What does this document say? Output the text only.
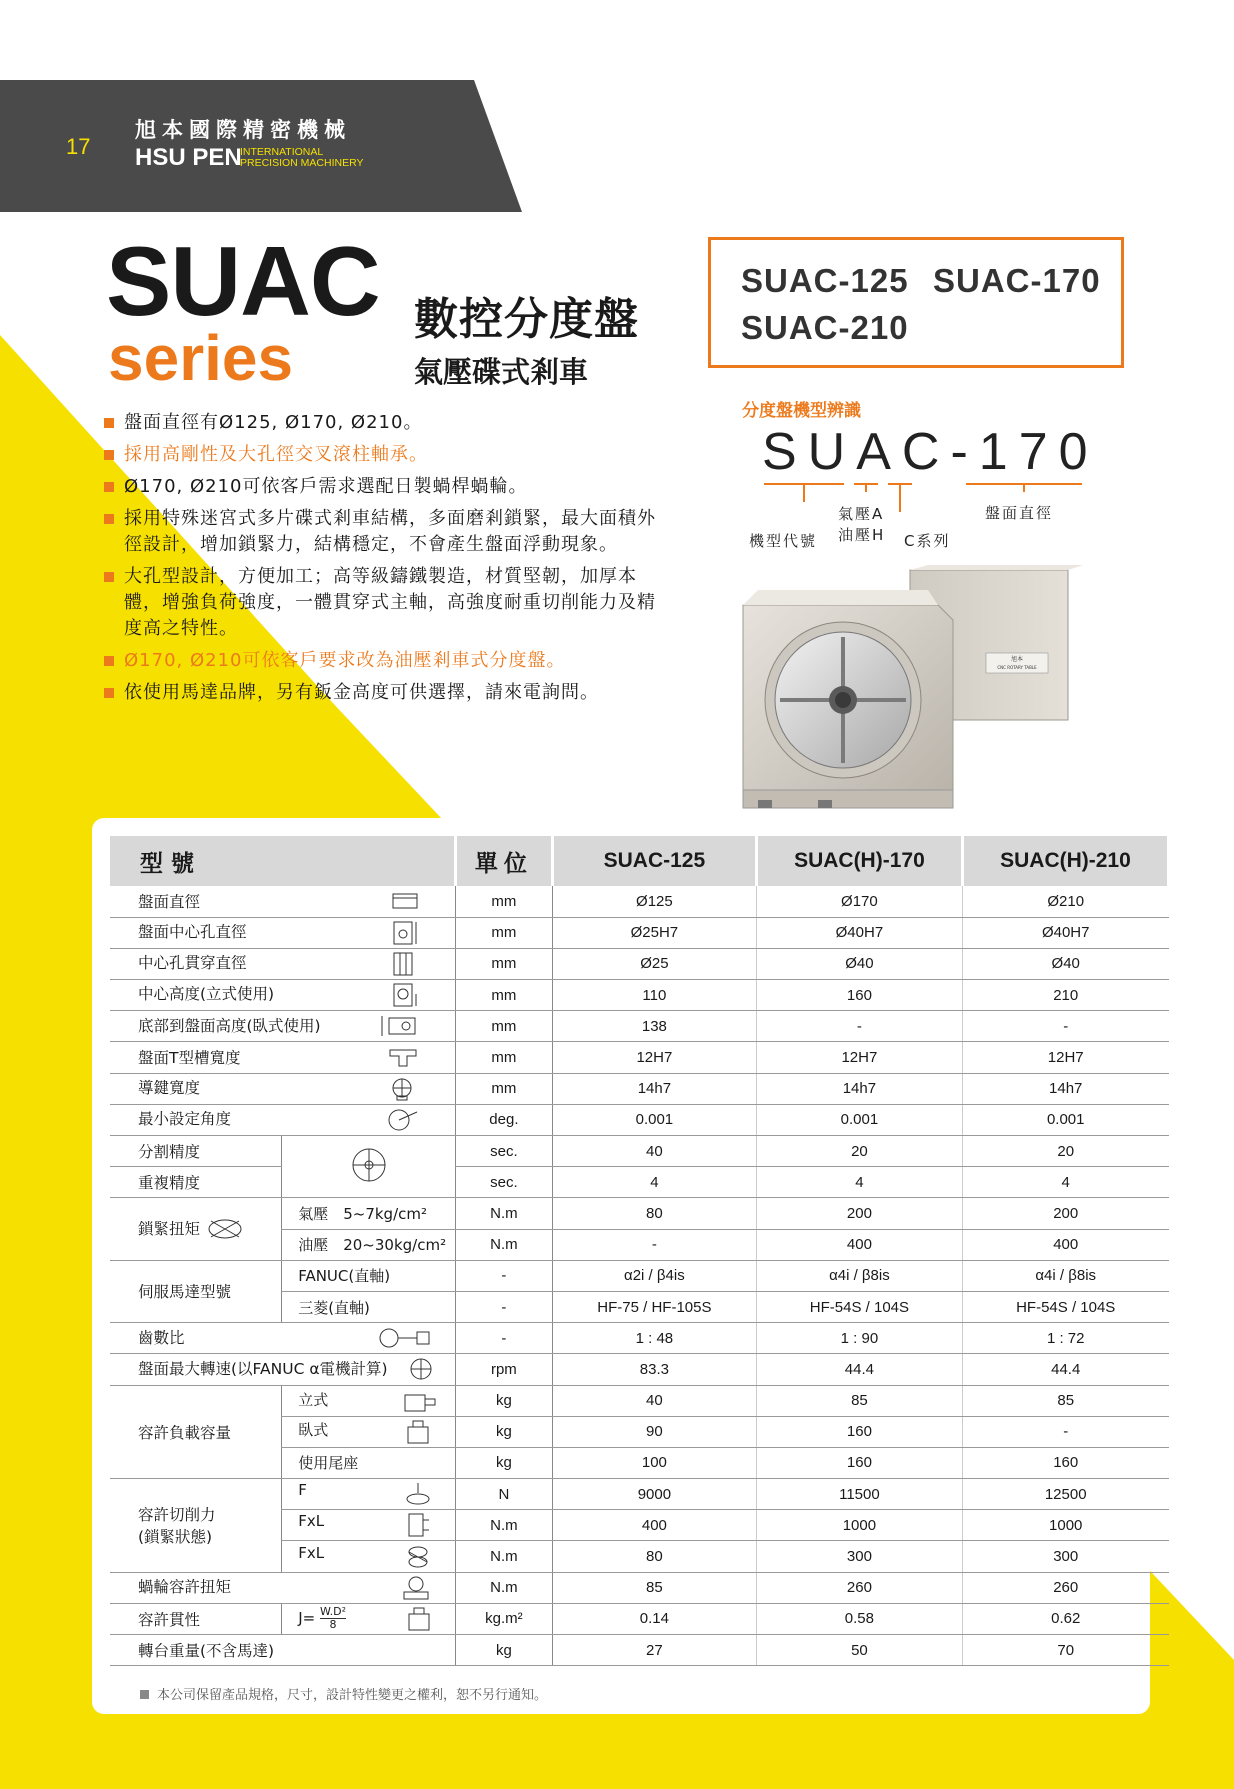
17
旭本國際精密機械
HSU PEN
INTERNATIONAL
PRECISION MACHINERY
SUAC
series
數控分度盤
氣壓碟式剎車
SUAC-125 SUAC-170
SUAC-210
分度盤機型辨識
SUAC-170
機型代號
氣壓A
油壓H C系列
盤面直徑
盤面直徑有Ø125, Ø170, Ø210。
採用高剛性及大孔徑交叉滾柱軸承。
Ø170, Ø210可依客戶需求選配日製蝸桿蝸輪。
採用特殊迷宮式多片碟式剎車結構，多面磨剎鎖緊，最大面積外徑設計，增加鎖緊力，結構穩定，不會產生盤面浮動現象。
大孔型設計，方便加工；高等級鑄鐵製造，材質堅韌，加厚本體，增強負荷強度，一體貫穿式主軸，高強度耐重切削能力及精度高之特性。
Ø170, Ø210可依客戶要求改為油壓剎車式分度盤。
依使用馬達品牌，另有鈑金高度可供選擇，請來電詢問。
旭本
CNC ROTARY TABLE
型號		單位	SUAC-125	SUAC(H)-170	SUAC(H)-210
盤面直徑		mm	Ø125	Ø170	Ø210
盤面中心孔直徑		mm	Ø25H7	Ø40H7	Ø40H7
中心孔貫穿直徑		mm	Ø25	Ø40	Ø40
中心高度(立式使用)		mm	110	160	210
底部到盤面高度(臥式使用)		mm	138	-	-
盤面T型槽寬度		mm	12H7	12H7	12H7
導鍵寬度		mm	14h7	14h7	14h7
最小設定角度		deg.	0.001	0.001	0.001
分割精度		sec.	40	20	20
重複精度		sec.	4	4	4
鎖緊扭矩	氣壓　5~7kg/cm²	N.m	80	200	200
	油壓　20~30kg/cm²	N.m	-	400	400
伺服馬達型號	FANUC(直軸)	-	α2i / β4is	α4i / β8is	α4i / β8is
	三菱(直軸)	-	HF-75 / HF-105S	HF-54S / 104S	HF-54S / 104S
齒數比		-	1 : 48	1 : 90	1 : 72
盤面最大轉速(以FANUC α電機計算)		rpm	83.3	44.4	44.4
容許負載容量	立式	kg	40	85	85
	臥式	kg	90	160	-
	使用尾座	kg	100	160	160

容許切削力
(鎖緊狀態)	F	N	9000	11500	12500
	FxL	N.m	400	1000	1000
	FxL	N.m	80	300	300
蝸輪容許扭矩		N.m	85	260	260
容許貫性	$J= \frac{\text{W.D²}}{8}$	kg.m²	0.14	0.58	0.62
轉台重量(不含馬達)		kg	27	50	70
本公司保留產品規格，尺寸，設計特性變更之權利，恕不另行通知。
